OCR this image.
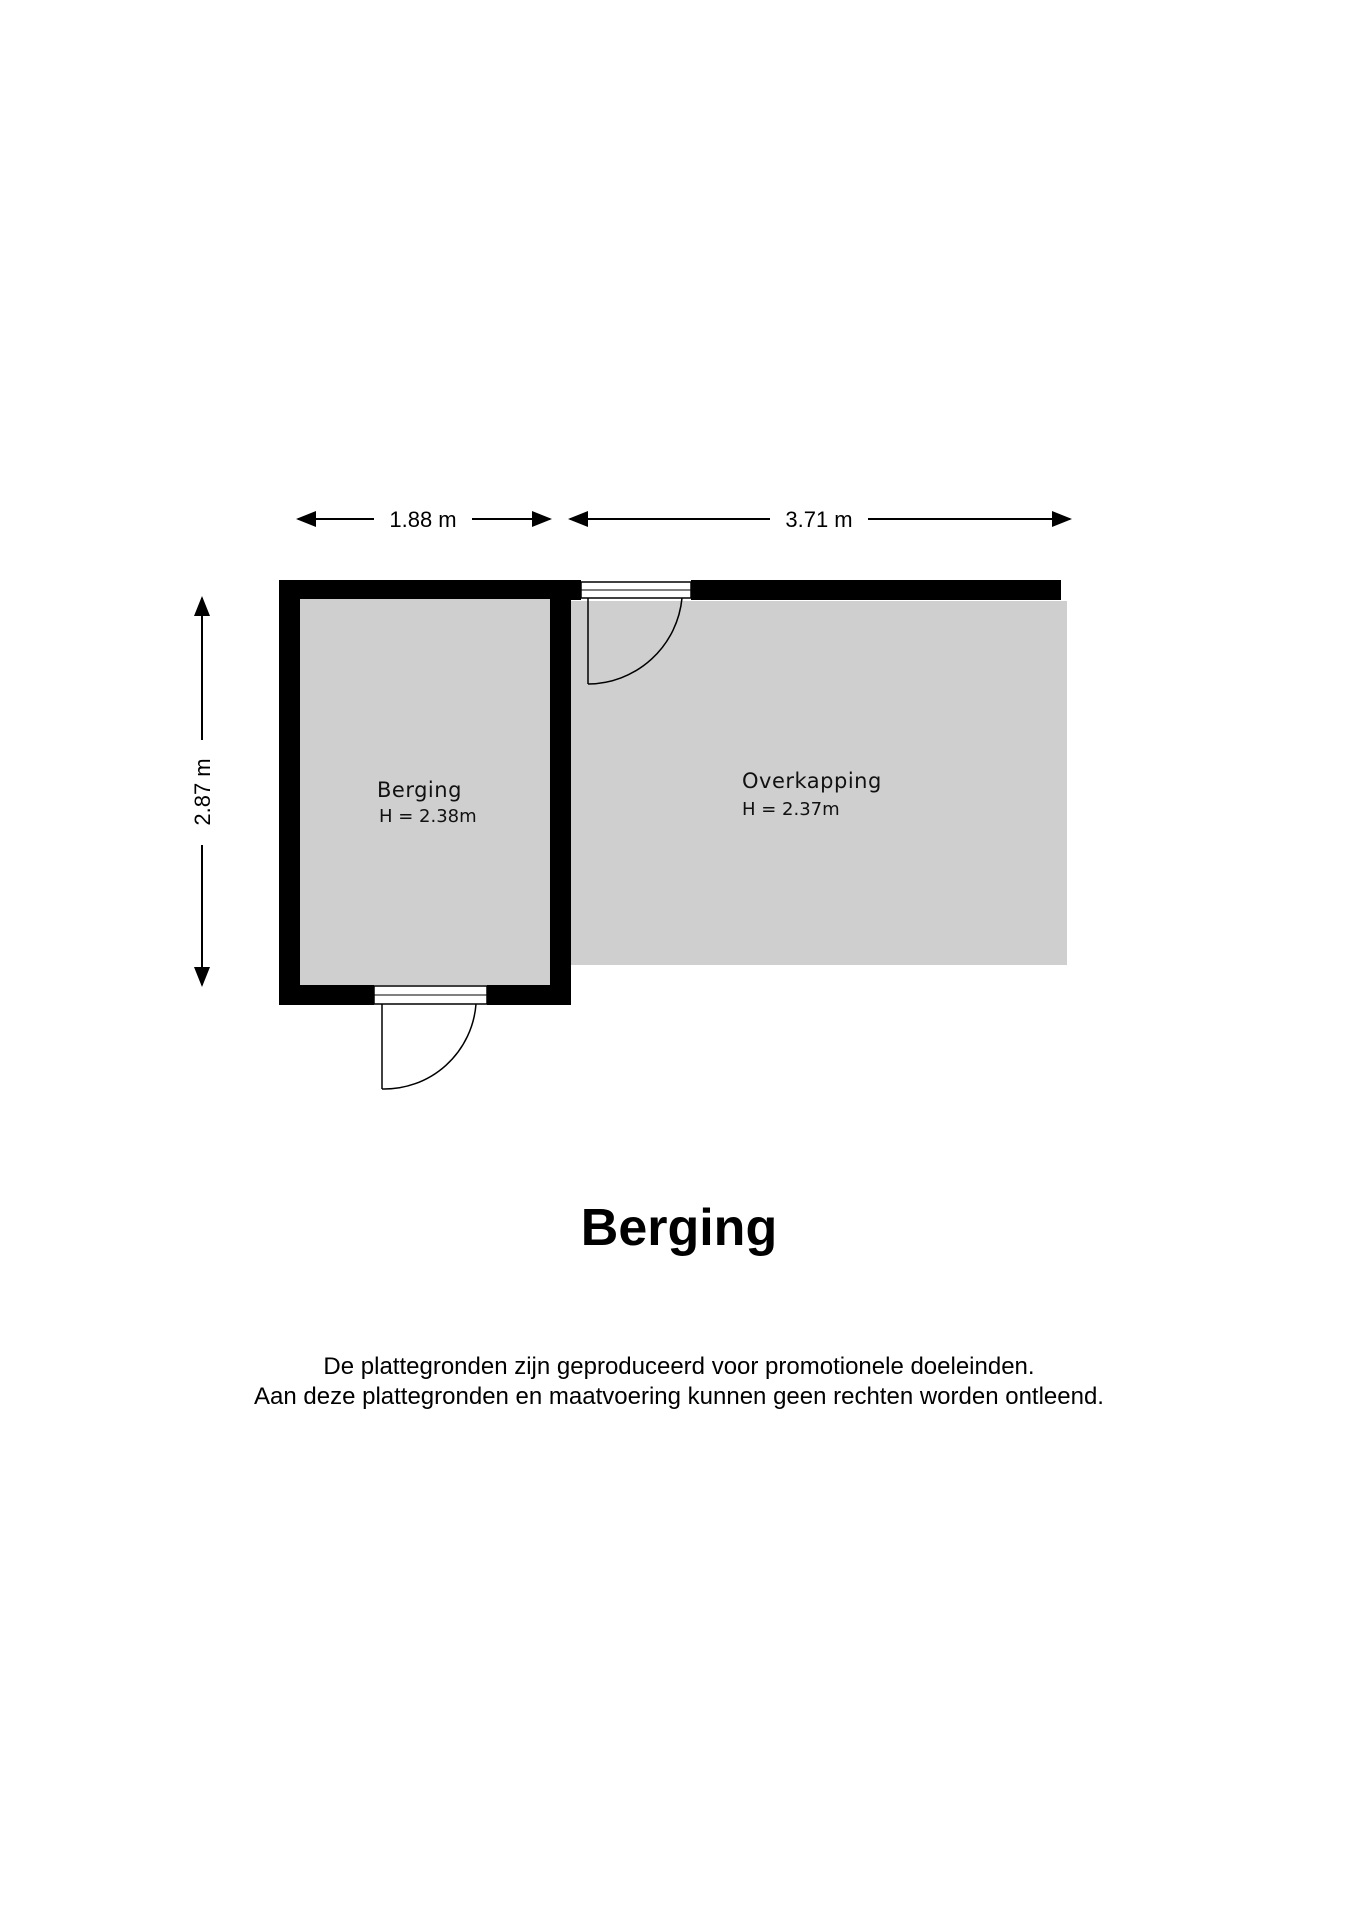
1.88 m	3.71 m
2.87 m	Berging
H = 2.38m
Overkapping
H = 2.37m
Berging
De plattegronden zijn geproduceerd voor promotionele doeleinden.
Aan deze plattegronden en maatvoering kunnen geen rechten worden ontleend.
